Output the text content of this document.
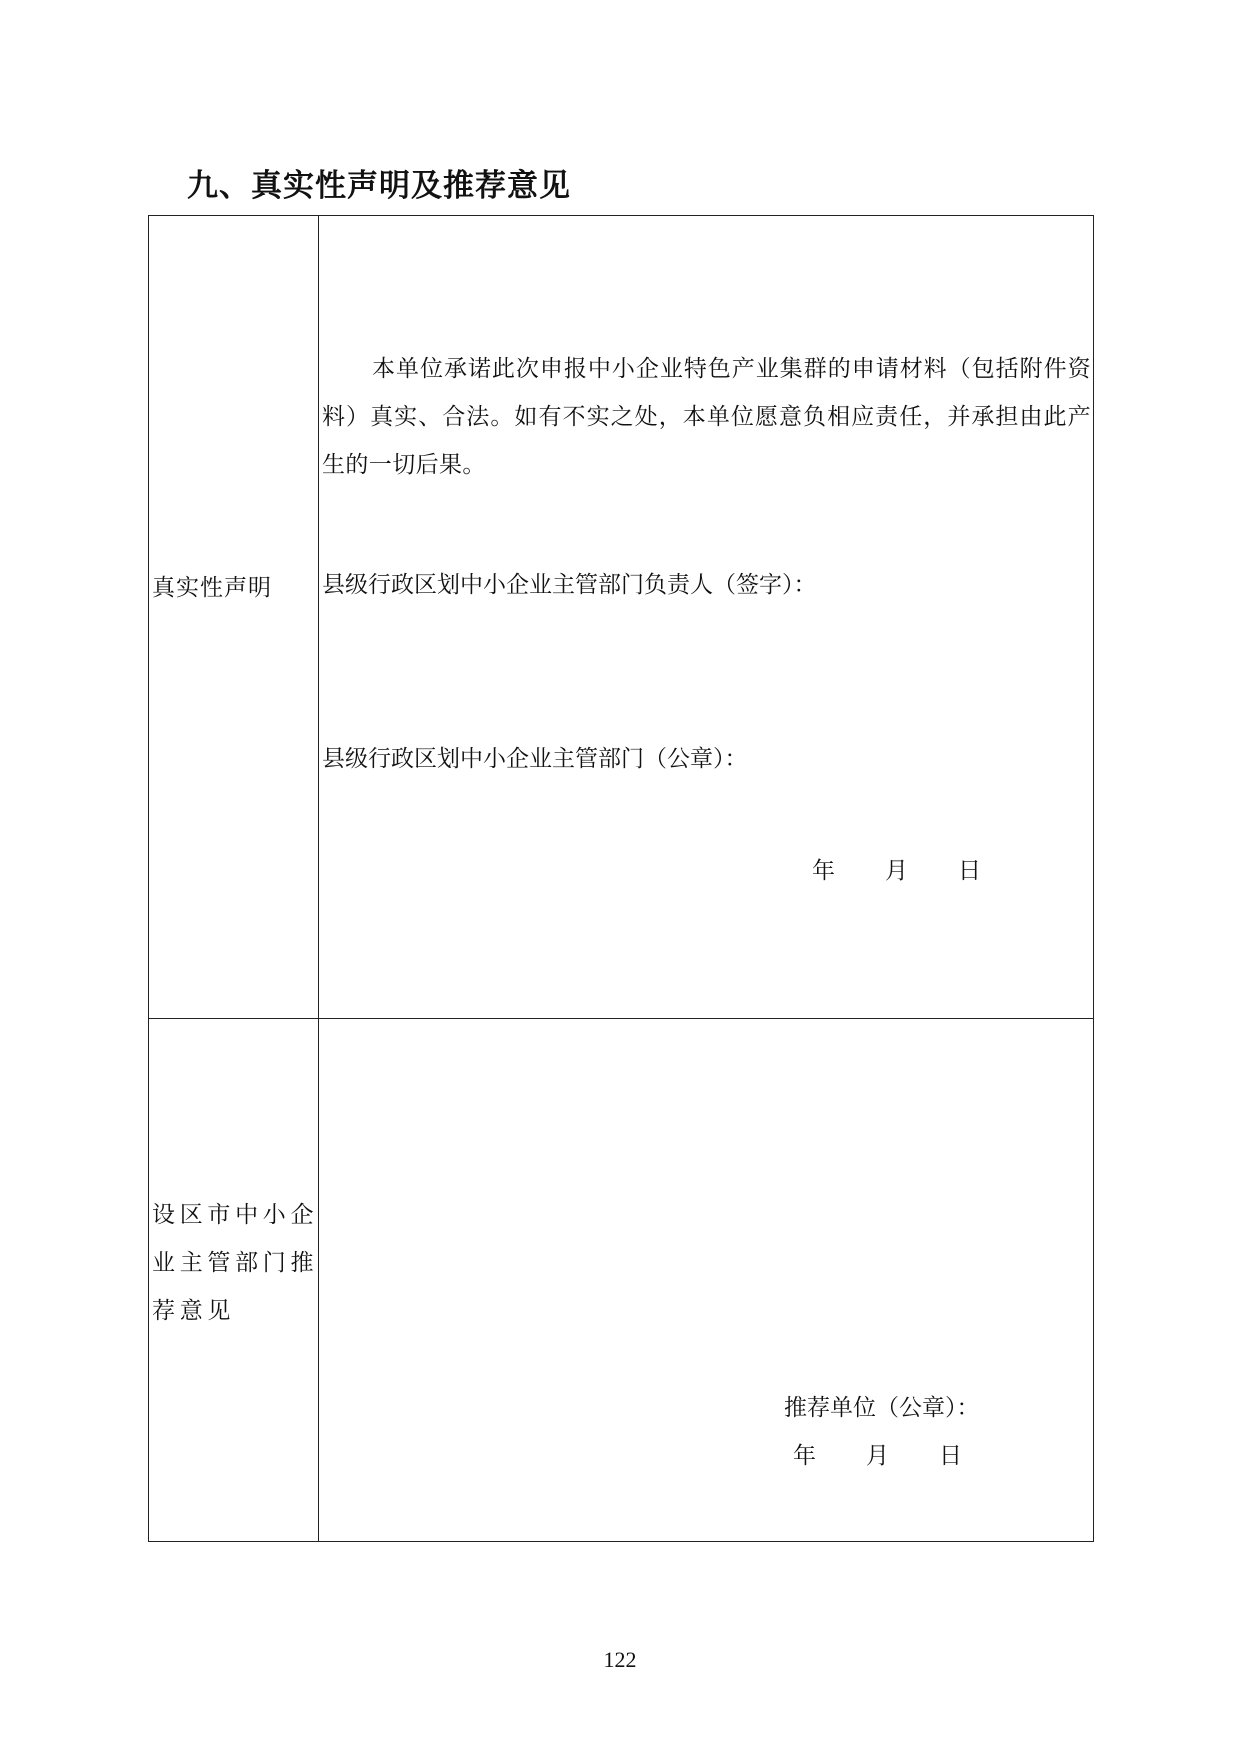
九、真实性声明及推荐意见
真实性声明	本单位承诺此次申报中小企业特色产业集群的申请材料（包括附件资料）真实、合法。如有不实之处，本单位愿意负相应责任，并承担由此产生的一切后果。

县级行政区划中小企业主管部门负责人（签字）：
县级行政区划中小企业主管部门（公章）：
年 月 日

设区市中小企业主管部门推荐意见	推荐单位（公章）：
年 月 日
122
